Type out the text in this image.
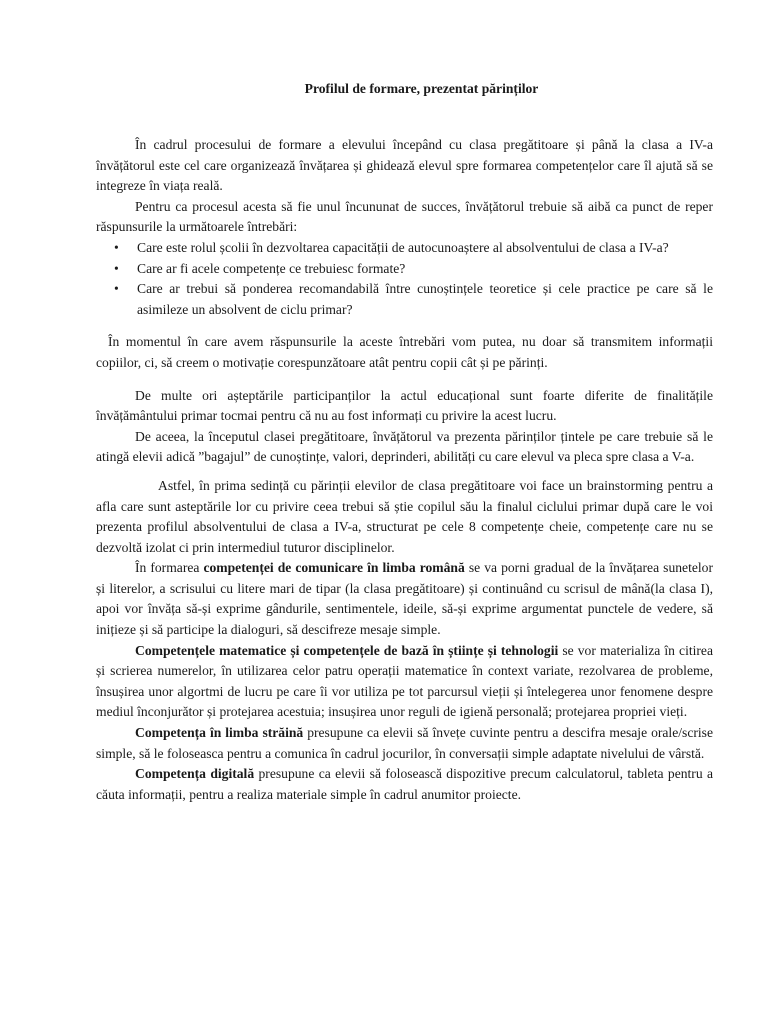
Profilul de formare, prezentat părinților

În cadrul procesului de formare a elevului începând cu clasa pregătitoare și până la clasa a IV-a învățătorul este cel care organizează învățarea și ghidează elevul spre formarea competențelor care îl ajută să se integreze în viața reală.

Pentru ca procesul acesta să fie unul încununat de succes, învățătorul trebuie să aibă ca punct de reper răspunsurile la următoarele întrebări:

• Care este rolul școlii în dezvoltarea capacității de autocunoaștere al absolventului de clasa a IV-a?
• Care ar fi acele competențe ce trebuiesc formate?
• Care ar trebui să ponderea recomandabilă între cunoștințele teoretice și cele practice pe care să le asimileze un absolvent de ciclu primar?

În momentul în care avem răspunsurile la aceste întrebări vom putea, nu doar să transmitem informații copiilor, ci, să creem o motivație corespunzătoare atât pentru copii cât și pe părinți.

De multe ori așteptările participanților la actul educațional sunt foarte diferite de finalitățile învățământului primar tocmai pentru că nu au fost informați cu privire la acest lucru.

De aceea, la începutul clasei pregătitoare, învățătorul va prezenta părinților țintele pe care trebuie să le atingă elevii adică ”bagajul” de cunoștințe, valori, deprinderi, abilități cu care elevul va pleca spre clasa a V-a.

Astfel, în prima sedință cu părinții elevilor de clasa pregătitoare voi face un brainstorming pentru a afla care sunt asteptările lor cu privire ceea trebui să știe copilul său la finalul ciclului primar după care le voi prezenta profilul absolventului de clasa a IV-a, structurat pe cele 8 competențe cheie, competențe care nu se dezvoltă izolat ci prin intermediul tuturor disciplinelor.

În formarea competenței de comunicare în limba română se va porni gradual de la învățarea sunetelor și literelor, a scrisului cu litere mari de tipar (la clasa pregătitoare) și continuând cu scrisul de mână(la clasa I), apoi vor învăța să-și exprime gândurile, sentimentele, ideile, să-și exprime argumentat punctele de vedere, să inițieze și să participe la dialoguri, să descifreze mesaje simple.

Competențele matematice și competențele de bază în științe și tehnologii se vor materializa în citirea și scrierea numerelor, în utilizarea celor patru operații matematice în context variate, rezolvarea de probleme, însușirea unor algortmi de lucru pe care îi vor utiliza pe tot parcursul vieții și întelegerea unor fenomene despre mediul înconjurător și protejarea acestuia; insușirea unor reguli de igienă personală; protejarea propriei vieți.

Competența în limba străină presupune ca elevii să învețe cuvinte pentru a descifra mesaje orale/scrise simple, să le foloseasca pentru a comunica în cadrul jocurilor, în conversații simple adaptate nivelului de vârstă.

Competența digitală presupune ca elevii să folosească dispozitive precum calculatorul, tableta pentru a căuta informații, pentru a realiza materiale simple în cadrul anumitor proiecte.
